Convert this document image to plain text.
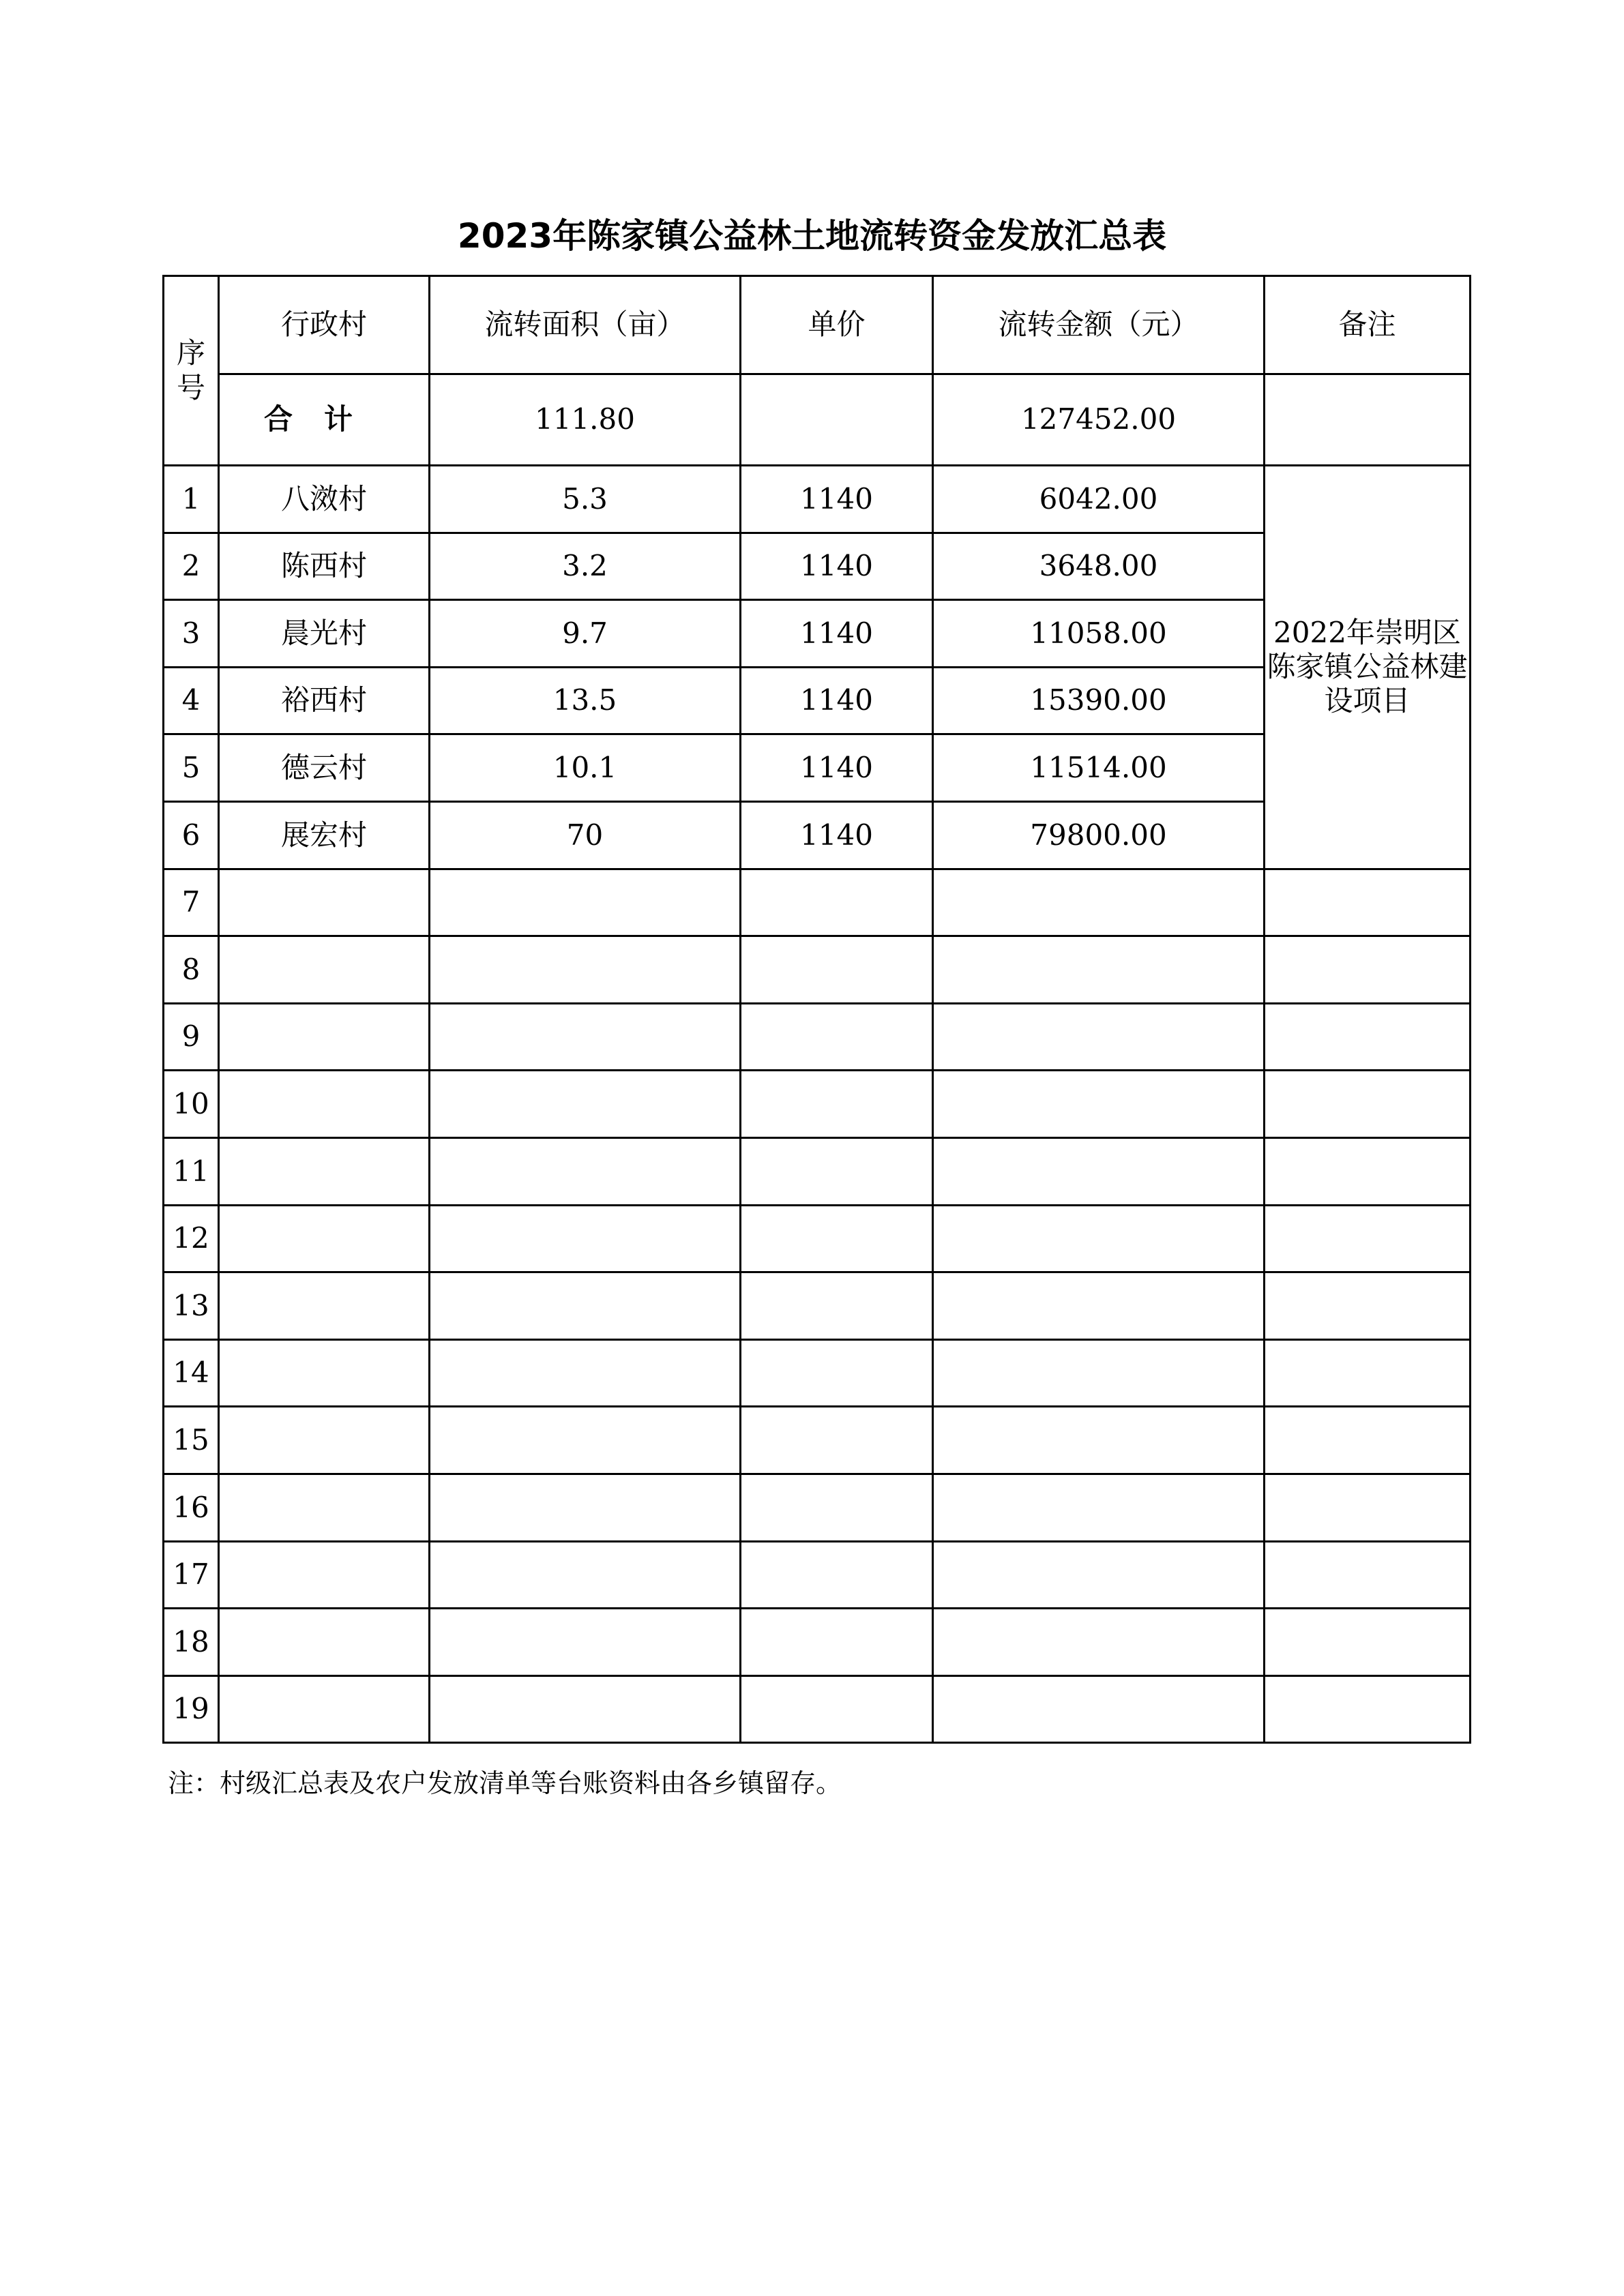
2023年陈家镇公益林土地流转资金发放汇总表
序号	行政村	流转面积（亩）	单价	流转金额（元）	备注
	合计	111.80		127452.00	
1	八滧村	5.3	1140	6042.00	2022年崇明区陈家镇公益林建设项目
2	陈西村	3.2	1140	3648.00	
3	晨光村	9.7	1140	11058.00	
4	裕西村	13.5	1140	15390.00	
5	德云村	10.1	1140	11514.00	
6	展宏村	70	1140	79800.00	
7					
8					
9					
10					
11					
12					
13					
14					
15					
16					
17					
18					
19					
注：村级汇总表及农户发放清单等台账资料由各乡镇留存。
